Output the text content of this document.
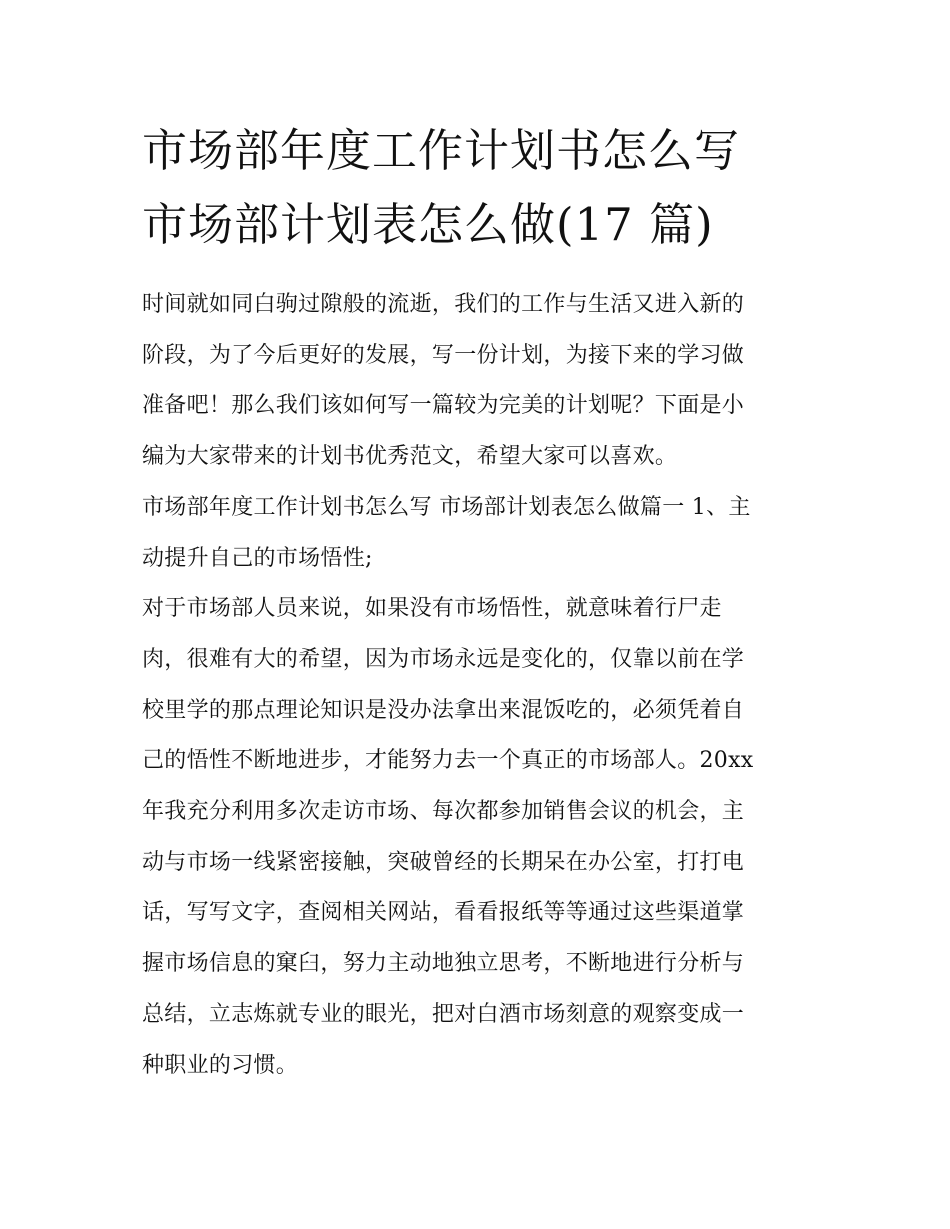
市场部年度工作计划书怎么写
市场部计划表怎么做(17 篇)

时间就如同白驹过隙般的流逝，我们的工作与生活又进入新的
阶段，为了今后更好的发展，写一份计划，为接下来的学习做
准备吧！那么我们该如何写一篇较为完美的计划呢？下面是小
编为大家带来的计划书优秀范文，希望大家可以喜欢。

市场部年度工作计划书怎么写 市场部计划表怎么做篇一 1、主
动提升自己的市场悟性;

对于市场部人员来说，如果没有市场悟性，就意味着行尸走
肉，很难有大的希望，因为市场永远是变化的，仅靠以前在学
校里学的那点理论知识是没办法拿出来混饭吃的，必须凭着自
己的悟性不断地进步，才能努力去一个真正的市场部人。20xx
年我充分利用多次走访市场、每次都参加销售会议的机会，主
动与市场一线紧密接触，突破曾经的长期呆在办公室，打打电
话，写写文字，查阅相关网站，看看报纸等等通过这些渠道掌
握市场信息的窠臼，努力主动地独立思考，不断地进行分析与
总结，立志炼就专业的眼光，把对白酒市场刻意的观察变成一
种职业的习惯。
